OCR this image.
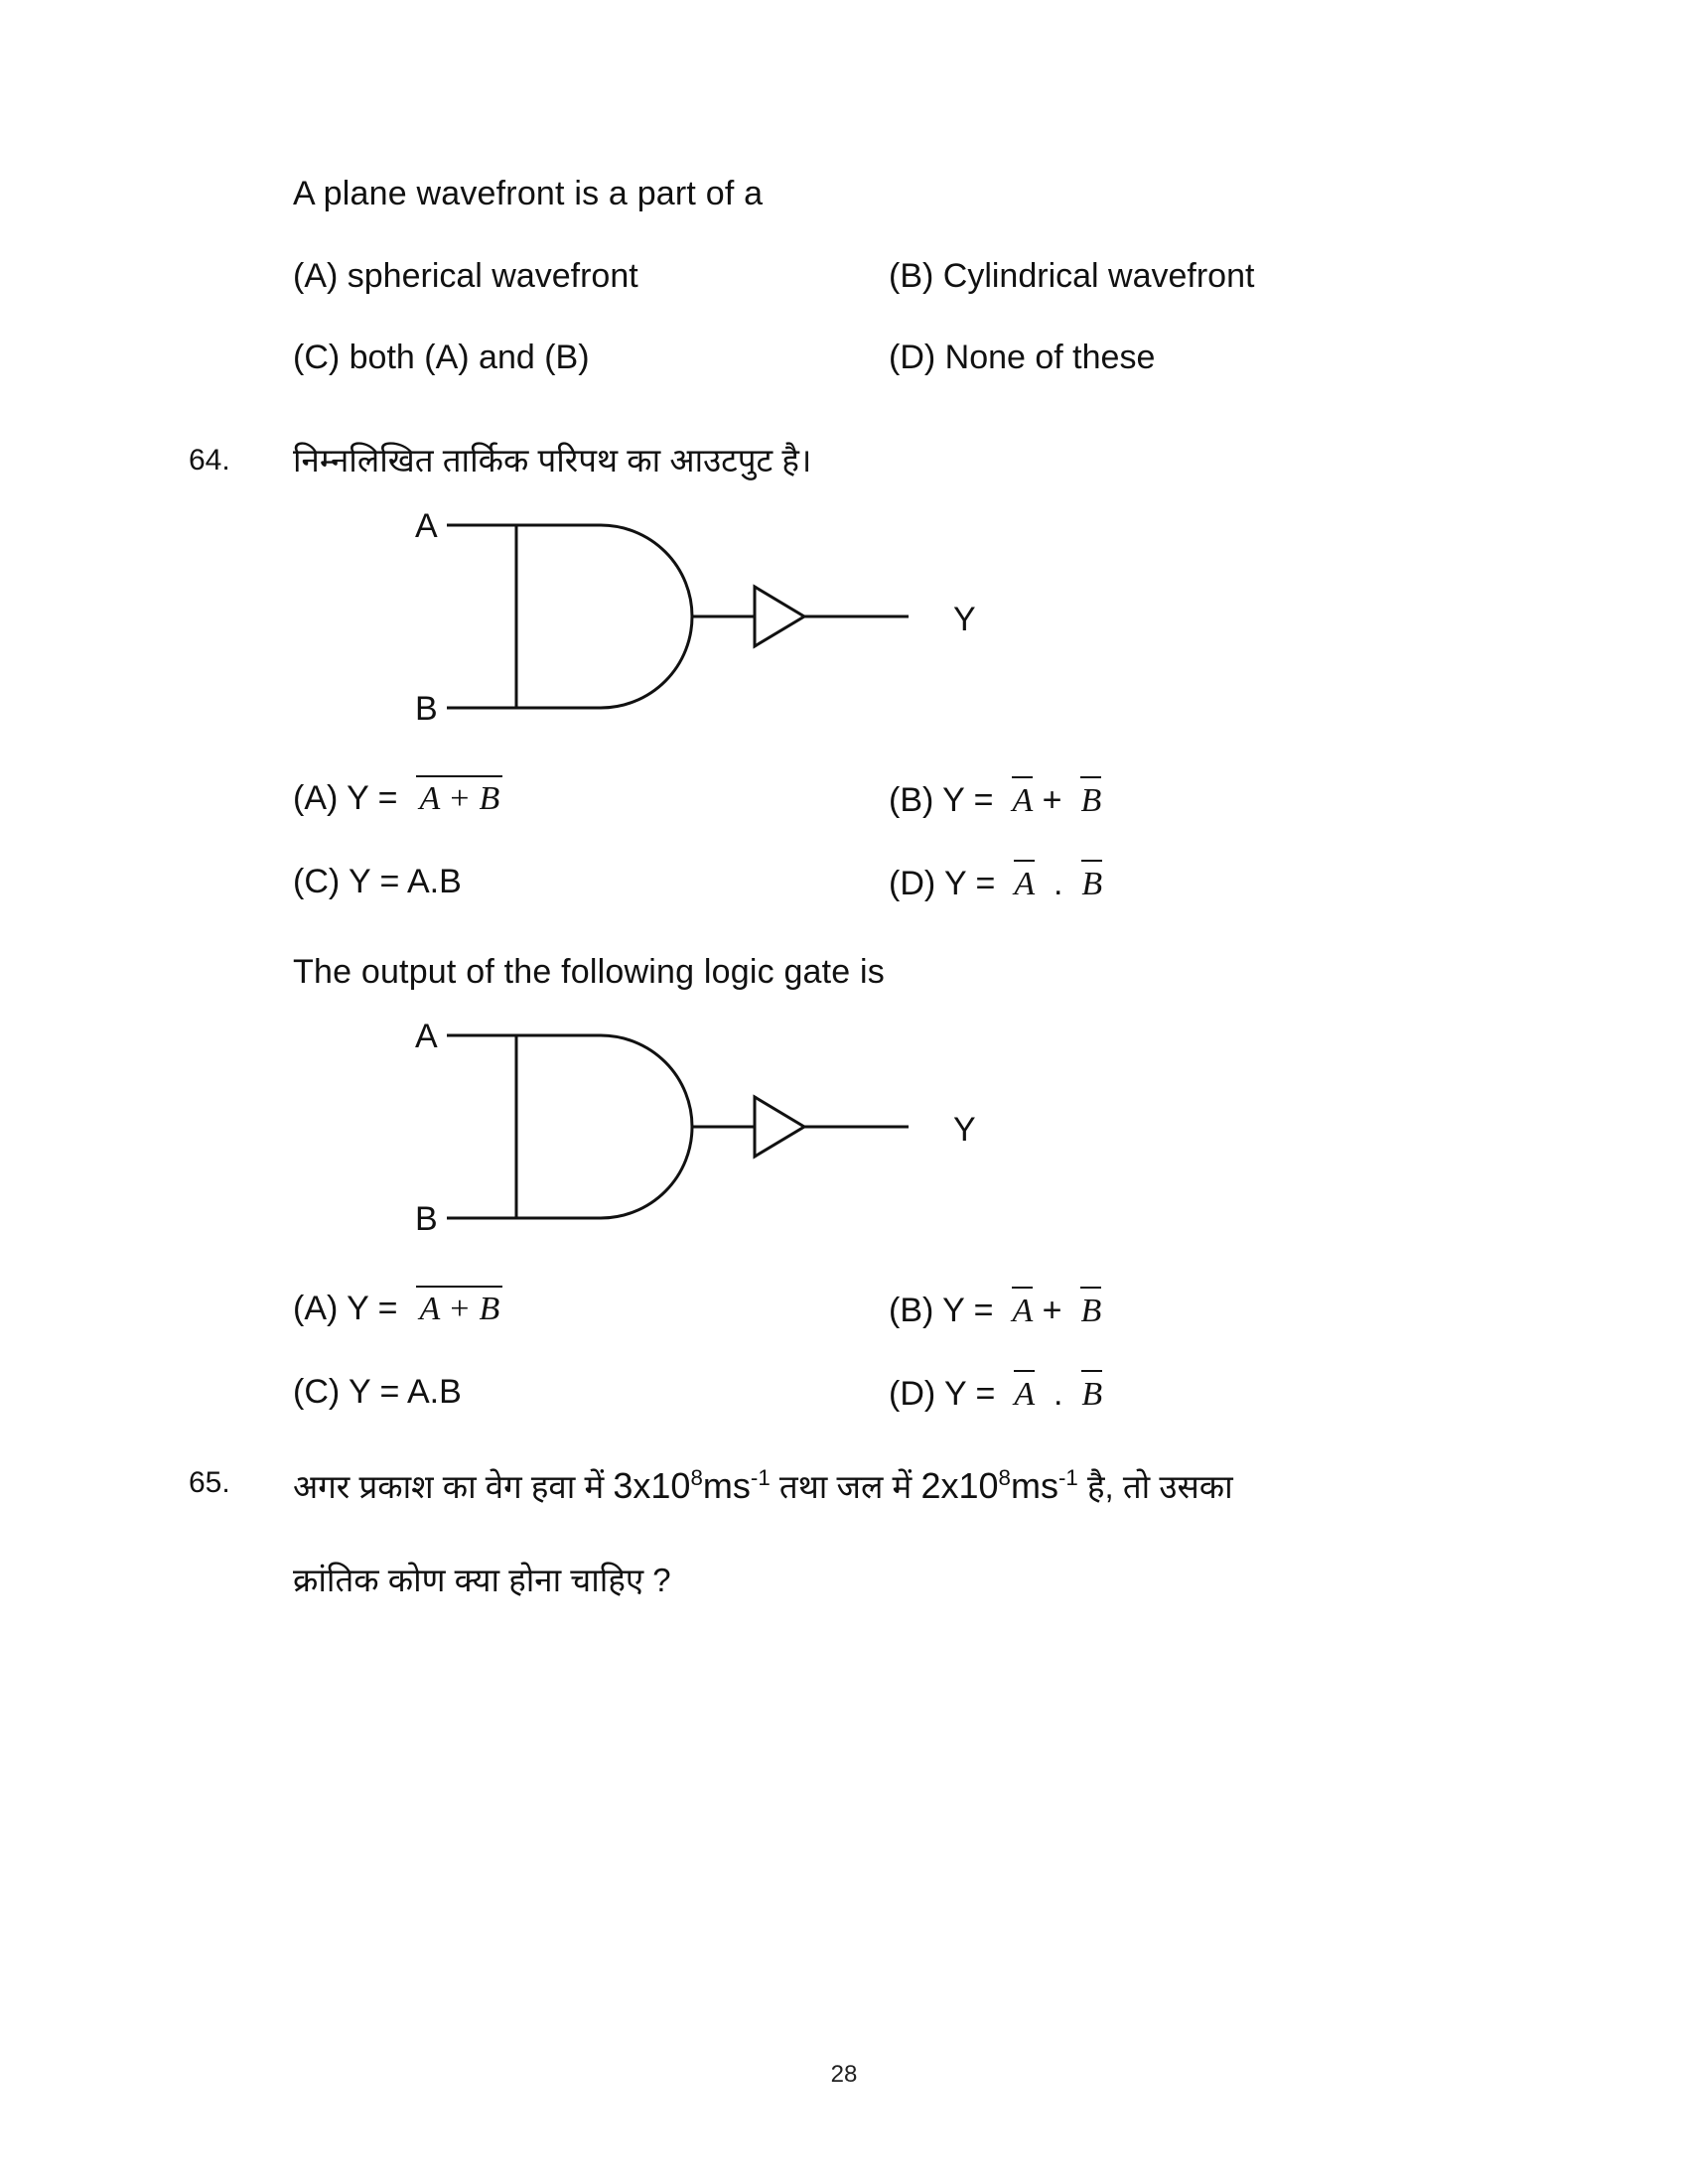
A plane wavefront is a part of a
(A) spherical wavefront	(B) Cylindrical wavefront
(C) both (A) and (B)	(D) None of these
64.	निम्नलिखित तार्किक परिपथ का आउटपुट है।
A
B
Y
(A) Y = A + B	(B) Y = A + B
(C) Y = A.B	(D) Y = A . B
The output of the following logic gate is
A
B
Y
(A) Y = A + B	(B) Y = A + B
(C) Y = A.B	(D) Y = A . B
65.	अगर प्रकाश का वेग हवा में $3x10^8ms^{-1}$ तथा जल में $2x10^8ms^{-1}$ है, तो उसका
क्रांतिक कोण क्या होना चाहिए ?
28
